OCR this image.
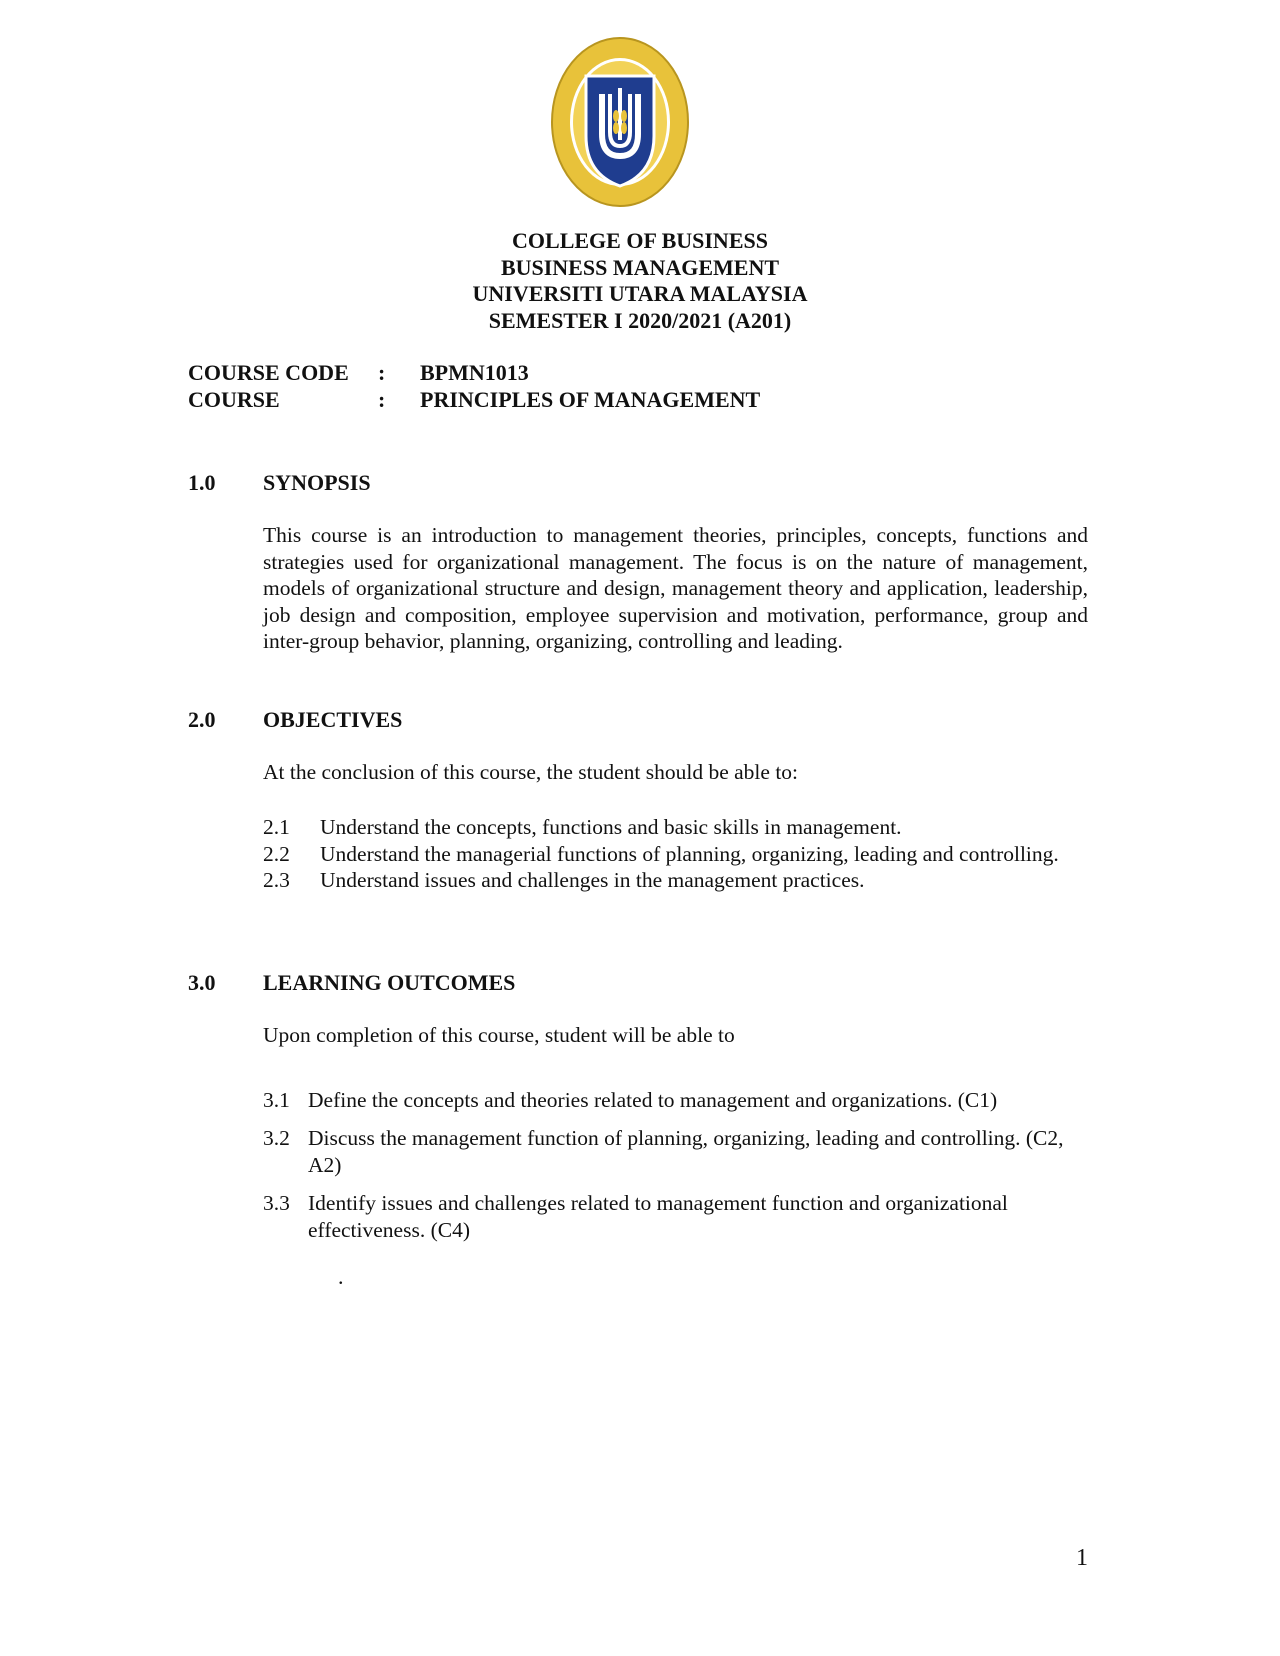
COLLEGE OF BUSINESS
BUSINESS MANAGEMENT
UNIVERSITI UTARA MALAYSIA
SEMESTER I 2020/2021 (A201)
COURSE CODE : BPMN1013
COURSE	: PRINCIPLES OF MANAGEMENT
1.0 SYNOPSIS
This course is an introduction to management theories, principles, concepts, functions and strategies used for organizational management. The focus is on the nature of management, models of organizational structure and design, management theory and application, leadership, job design and composition, employee supervision and motivation, performance, group and inter-group behavior, planning, organizing, controlling and leading.
2.0 OBJECTIVES
At the conclusion of this course, the student should be able to:
2.1 Understand the concepts, functions and basic skills in management.
2.2 Understand the managerial functions of planning, organizing, leading and controlling.
2.3 Understand issues and challenges in the management practices.
3.0 LEARNING OUTCOMES
Upon completion of this course, student will be able to
3.1 Define the concepts and theories related to management and organizations. (C1)
3.2 Discuss the management function of planning, organizing, leading and controlling. (C2, A2)
3.3 Identify issues and challenges related to management function and organizational effectiveness. (C4)
.
1
